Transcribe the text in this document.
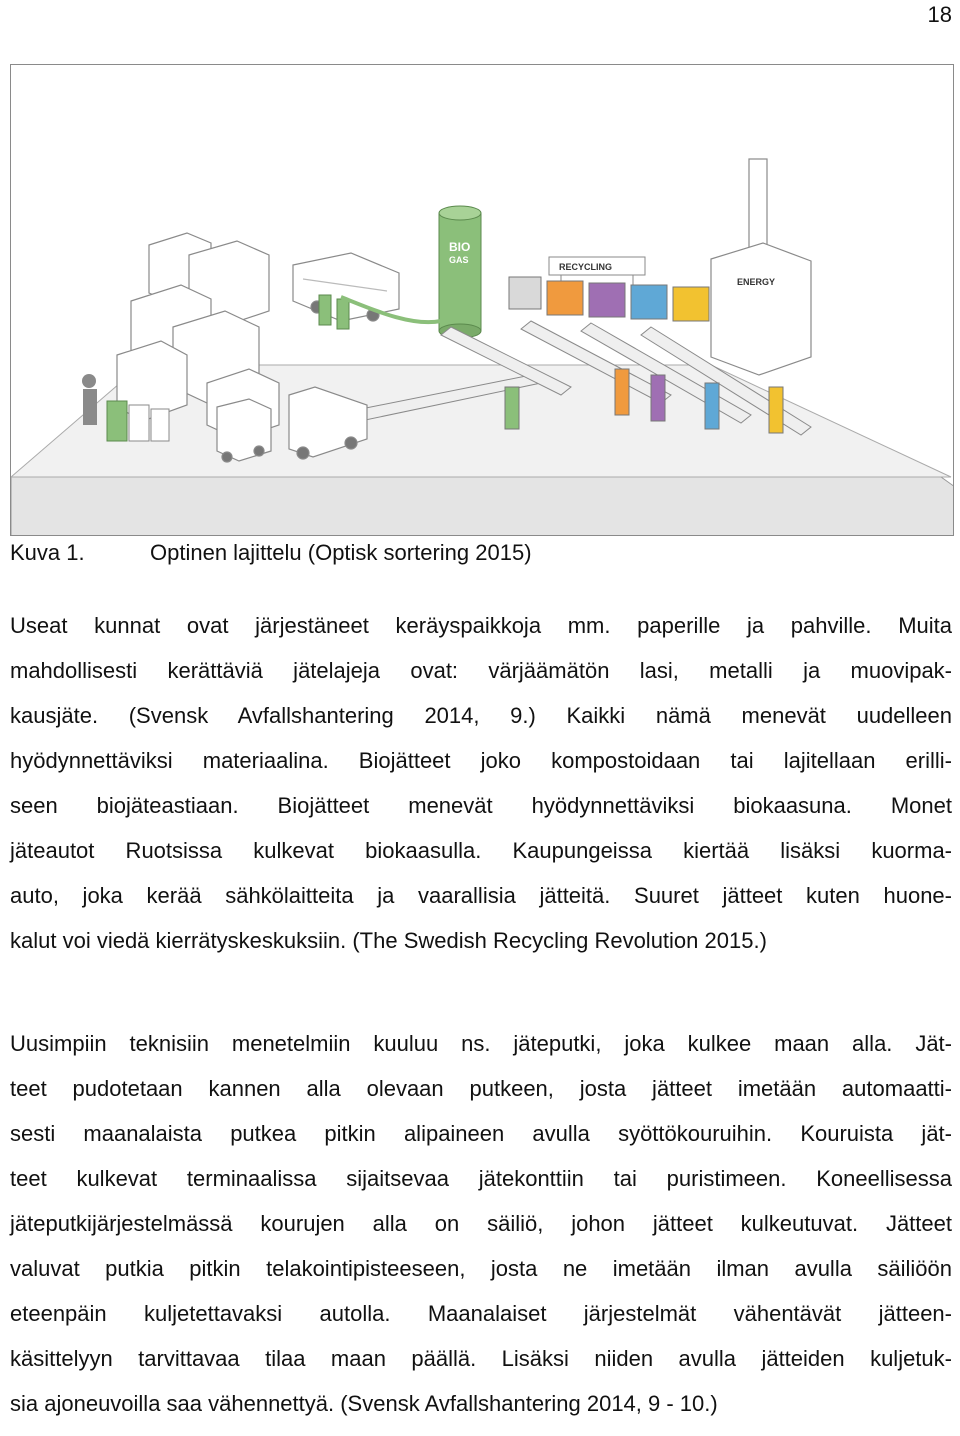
18
BIO
GAS
RECYCLING
ENERGY
Kuva 1.	Optinen lajittelu (Optisk sortering 2015)
Useat kunnat ovat järjestäneet keräyspaikkoja mm. paperille ja pahville. Muita
mahdollisesti kerättäviä jätelajeja ovat: värjäämätön lasi, metalli ja muovipak-
kausjäte. (Svensk Avfallshantering 2014, 9.) Kaikki nämä menevät uudelleen
hyödynnettäviksi materiaalina. Biojätteet joko kompostoidaan tai lajitellaan erilli-
seen biojäteastiaan. Biojätteet menevät hyödynnettäviksi biokaasuna. Monet
jäteautot Ruotsissa kulkevat biokaasulla. Kaupungeissa kiertää lisäksi kuorma-
auto, joka kerää sähkölaitteita ja vaarallisia jätteitä. Suuret jätteet kuten huone-
kalut voi viedä kierrätyskeskuksiin. (The Swedish Recycling Revolution 2015.)
Uusimpiin teknisiin menetelmiin kuuluu ns. jäteputki, joka kulkee maan alla. Jät-
teet pudotetaan kannen alla olevaan putkeen, josta jätteet imetään automaatti-
sesti maanalaista putkea pitkin alipaineen avulla syöttökouruihin. Kouruista jät-
teet kulkevat terminaalissa sijaitsevaa jätekonttiin tai puristimeen. Koneellisessa
jäteputkijärjestelmässä kourujen alla on säiliö, johon jätteet kulkeutuvat. Jätteet
valuvat putkia pitkin telakointipisteeseen, josta ne imetään ilman avulla säiliöön
eteenpäin kuljetettavaksi autolla. Maanalaiset järjestelmät vähentävät jätteen-
käsittelyyn tarvittavaa tilaa maan päällä. Lisäksi niiden avulla jätteiden kuljetuk-
sia ajoneuvoilla saa vähennettyä. (Svensk Avfallshantering 2014, 9 - 10.)
